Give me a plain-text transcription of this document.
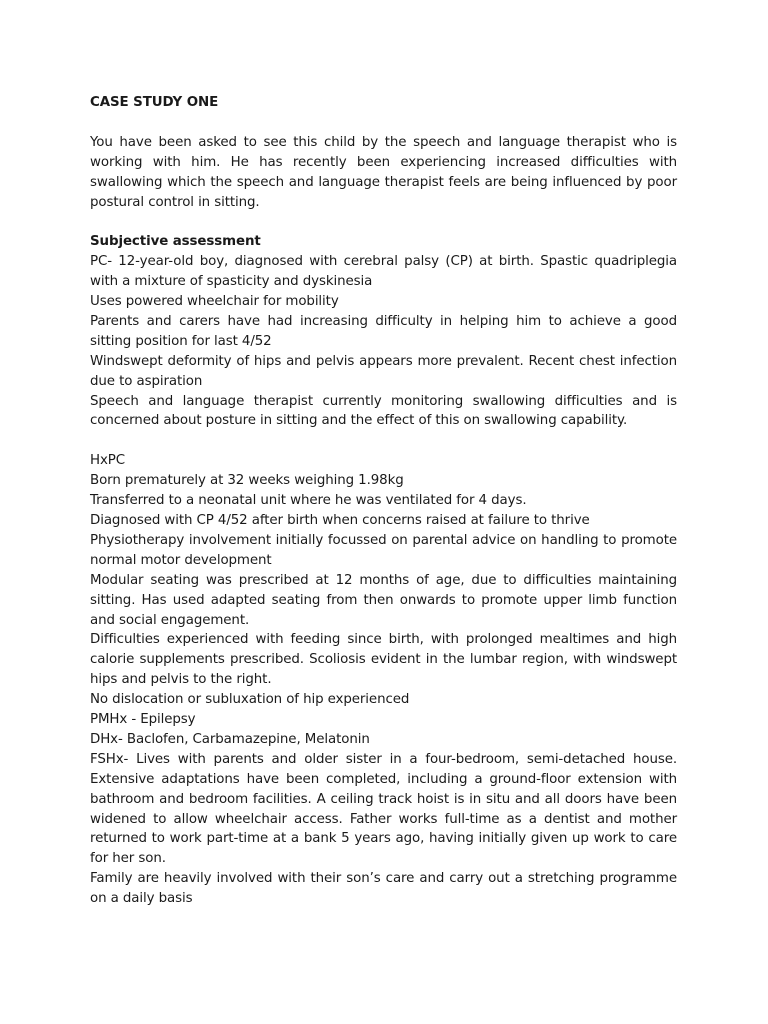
CASE STUDY ONE

You have been asked to see this child by the speech and language therapist who is working with him. He has recently been experiencing increased difficulties with swallowing which the speech and language therapist feels are being influenced by poor postural control in sitting.

Subjective assessment

PC- 12-year-old boy, diagnosed with cerebral palsy (CP) at birth. Spastic quadriplegia with a mixture of spasticity and dyskinesia

Uses powered wheelchair for mobility

Parents and carers have had increasing difficulty in helping him to achieve a good sitting position for last 4/52

Windswept deformity of hips and pelvis appears more prevalent. Recent chest infection due to aspiration

Speech and language therapist currently monitoring swallowing difficulties and is concerned about posture in sitting and the effect of this on swallowing capability.

HxPC

Born prematurely at 32 weeks weighing 1.98kg

Transferred to a neonatal unit where he was ventilated for 4 days.

Diagnosed with CP 4/52 after birth when concerns raised at failure to thrive

Physiotherapy involvement initially focussed on parental advice on handling to promote normal motor development

Modular seating was prescribed at 12 months of age, due to difficulties maintaining sitting. Has used adapted seating from then onwards to promote upper limb function and social engagement.

Difficulties experienced with feeding since birth, with prolonged mealtimes and high calorie supplements prescribed. Scoliosis evident in the lumbar region, with windswept hips and pelvis to the right.

No dislocation or subluxation of hip experienced

PMHx - Epilepsy

DHx- Baclofen, Carbamazepine, Melatonin

FSHx- Lives with parents and older sister in a four-bedroom, semi-detached house. Extensive adaptations have been completed, including a ground-floor extension with bathroom and bedroom facilities. A ceiling track hoist is in situ and all doors have been widened to allow wheelchair access. Father works full-time as a dentist and mother returned to work part-time at a bank 5 years ago, having initially given up work to care for her son.

Family are heavily involved with their son’s care and carry out a stretching programme on a daily basis
